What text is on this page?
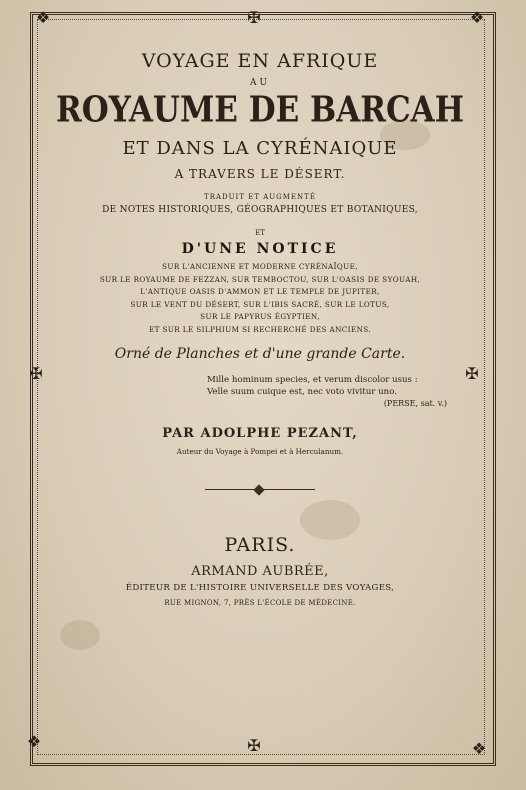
❖	❖
❖	❖
✠
✠
✠	✠
VOYAGE EN AFRIQUE
AU
ROYAUME DE BARCAH
ET DANS LA CYRÉNAIQUE
A TRAVERS LE DÉSERT.
TRADUIT ET AUGMENTÉ
DE NOTES HISTORIQUES, GÉOGRAPHIQUES ET BOTANIQUES,
ET
D'UNE NOTICE
SUR L'ANCIENNE ET MODERNE CYRÉNAÏQUE,
SUR LE ROYAUME DE FEZZAN, SUR TEMBOCTOU, SUR L'OASIS DE SYOUAH,
L'ANTIQUE OASIS D'AMMON ET LE TEMPLE DE JUPITER,
SUR LE VENT DU DÉSERT, SUR L'IBIS SACRÉ, SUR LE LOTUS,
SUR LE PAPYRUS ÉGYPTIEN,
ET SUR LE SILPHIUM SI RECHERCHÉ DES ANCIENS.
Orné de Planches et d'une grande Carte.
Mille hominum species, et verum discolor usus :
Velle suum cuique est, nec voto vivitur uno.
(PERSE, sat. v.)
PAR ADOLPHE PEZANT,
Auteur du Voyage à Pompei et à Herculanum.
PARIS.
ARMAND AUBRÉE,
ÉDITEUR DE L'HISTOIRE UNIVERSELLE DES VOYAGES,
RUE MIGNON, 7, PRÈS L'ÉCOLE DE MÉDECINE.
